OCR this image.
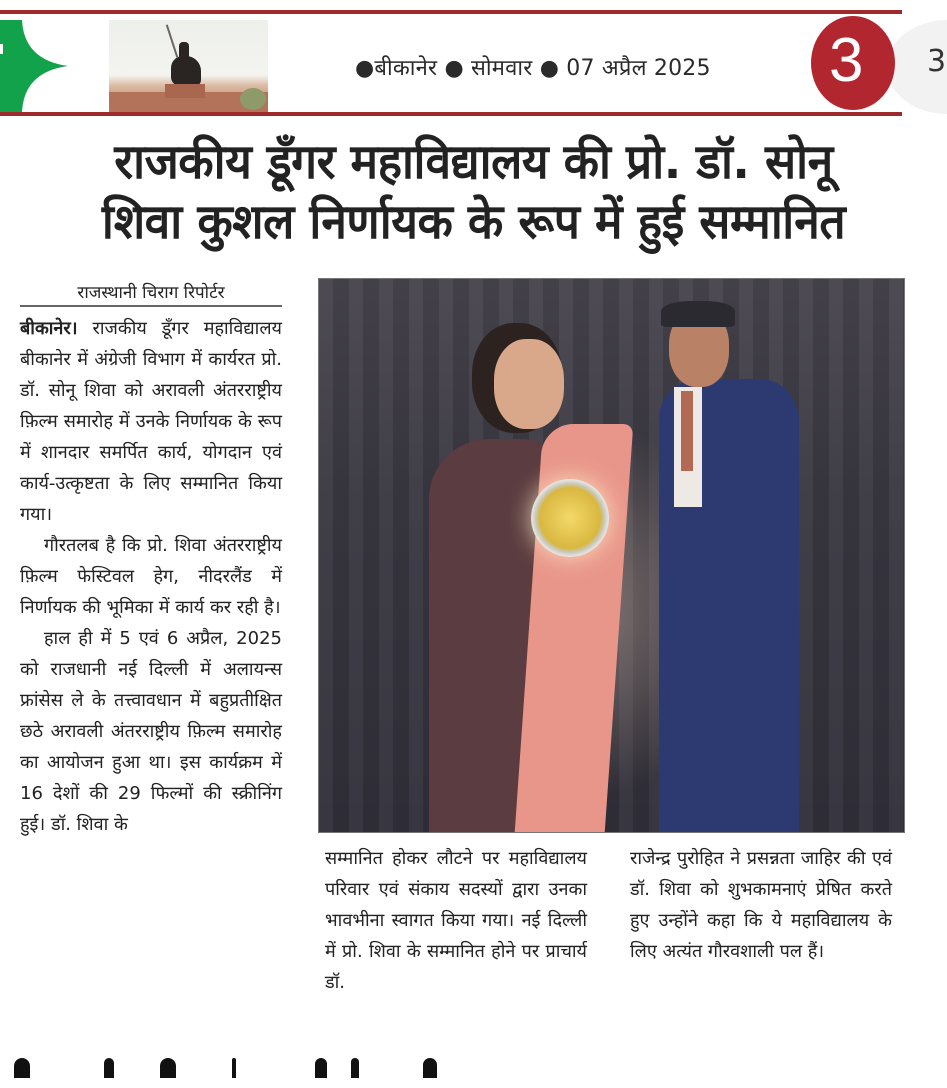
●बीकानेर ● सोमवार ● 07 अप्रैल 2025	3
3
राजकीय डूँगर महाविद्यालय की प्रो. डॉ. सोनू
शिवा कुशल निर्णायक के रूप में हुई सम्मानित
राजस्थानी चिराग रिपोर्टर

बीकानेर। राजकीय डूँगर महाविद्यालय बीकानेर में अंग्रेजी विभाग में कार्यरत प्रो. डॉ. सोनू शिवा को अरावली अंतरराष्ट्रीय फ़िल्म समारोह में उनके निर्णायक के रूप में शानदार समर्पित कार्य, योगदान एवं कार्य-उत्कृष्टता के लिए सम्मानित किया गया।

गौरतलब है कि प्रो. शिवा अंतरराष्ट्रीय फ़िल्म फेस्टिवल हेग, नीदरलैंड में निर्णायक की भूमिका में कार्य कर रही है।

हाल ही में 5 एवं 6 अप्रैल, 2025 को राजधानी नई दिल्ली में अलायन्स फ्रांसेस ले के तत्त्वावधान में बहुप्रतीक्षित छठे अरावली अंतरराष्ट्रीय फ़िल्म समारोह का आयोजन हुआ था। इस कार्यक्रम में 16 देशों की 29 फिल्मों की स्क्रीनिंग हुई। डॉ. शिवा के

सम्मानित होकर लौटने पर महाविद्यालय परिवार एवं संकाय सदस्यों द्वारा उनका भावभीना स्वागत किया गया। नई दिल्ली में प्रो. शिवा के सम्मानित होने पर प्राचार्य डॉ.

राजेन्द्र पुरोहित ने प्रसन्नता जाहिर की एवं डॉ. शिवा को शुभकामनाएं प्रेषित करते हुए उन्होंने कहा कि ये महाविद्यालय के लिए अत्यंत गौरवशाली पल हैं।
